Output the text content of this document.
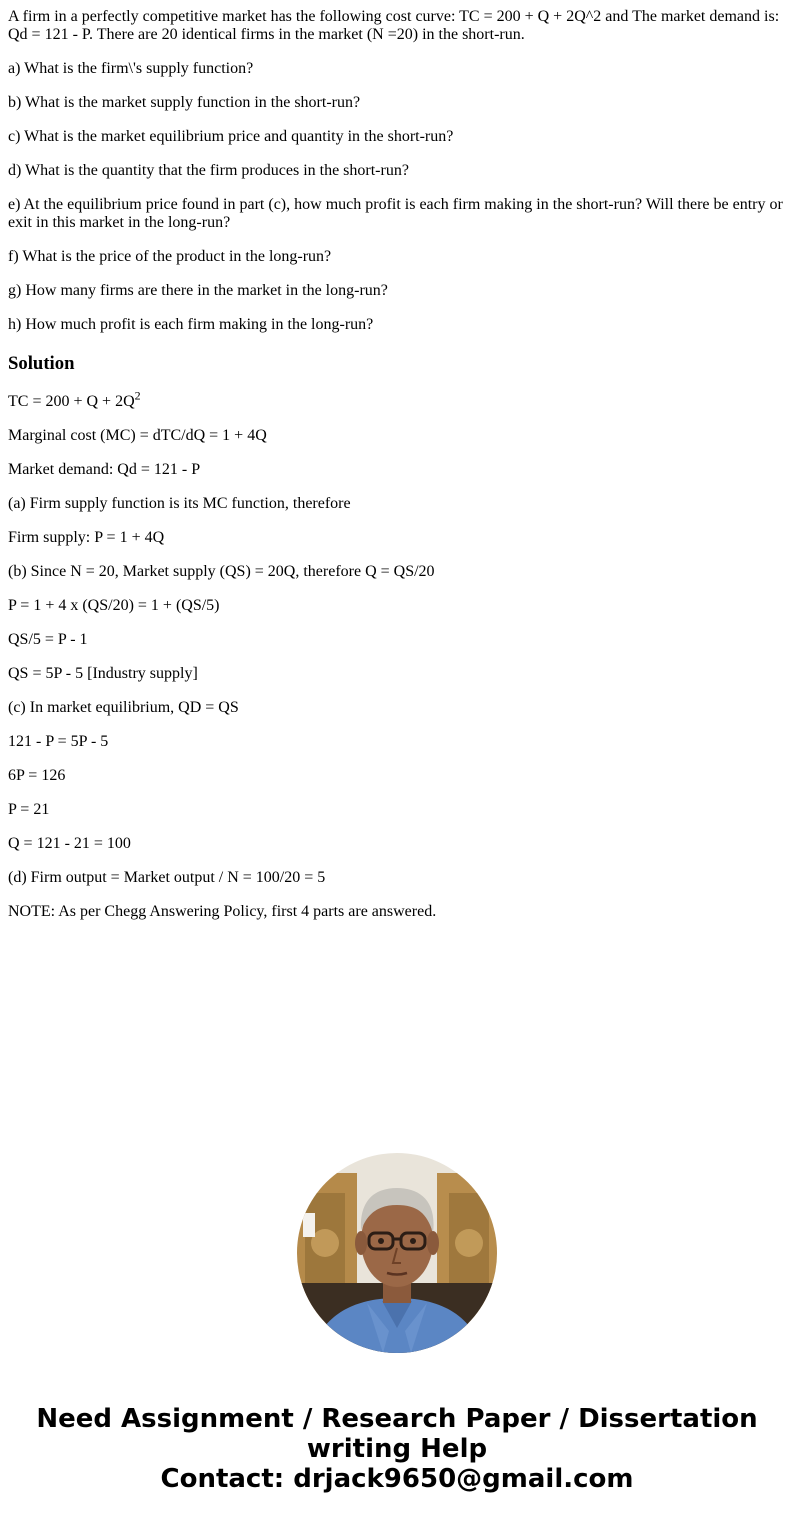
A firm in a perfectly competitive market has the following cost curve: TC = 200 + Q + 2Q^2 and The market demand is: Qd = 121 - P. There are 20 identical firms in the market (N =20) in the short-run.

a) What is the firm\'s supply function?

b) What is the market supply function in the short-run?

c) What is the market equilibrium price and quantity in the short-run?

d) What is the quantity that the firm produces in the short-run?

e) At the equilibrium price found in part (c), how much profit is each firm making in the short-run? Will there be entry or exit in this market in the long-run?

f) What is the price of the product in the long-run?

g) How many firms are there in the market in the long-run?

h) How much profit is each firm making in the long-run?

Solution

TC = $200 + Q + 2Q^2$

Marginal cost (MC) = dTC/dQ = 1 + 4Q

Market demand: Qd = 121 - P

(a) Firm supply function is its MC function, therefore

Firm supply: P = 1 + 4Q

(b) Since N = 20, Market supply (QS) = 20Q, therefore Q = QS/20

P = 1 + 4 x (QS/20) = 1 + (QS/5)

QS/5 = P - 1

QS = 5P - 5 [Industry supply]

(c) In market equilibrium, QD = QS

121 - P = 5P - 5

6P = 126

P = 21

Q = 121 - 21 = 100

(d) Firm output = Market output / N = 100/20 = 5

NOTE: As per Chegg Answering Policy, first 4 parts are answered.

Need Assignment / Research Paper / Dissertation
writing Help
Contact: drjack9650@gmail.com
